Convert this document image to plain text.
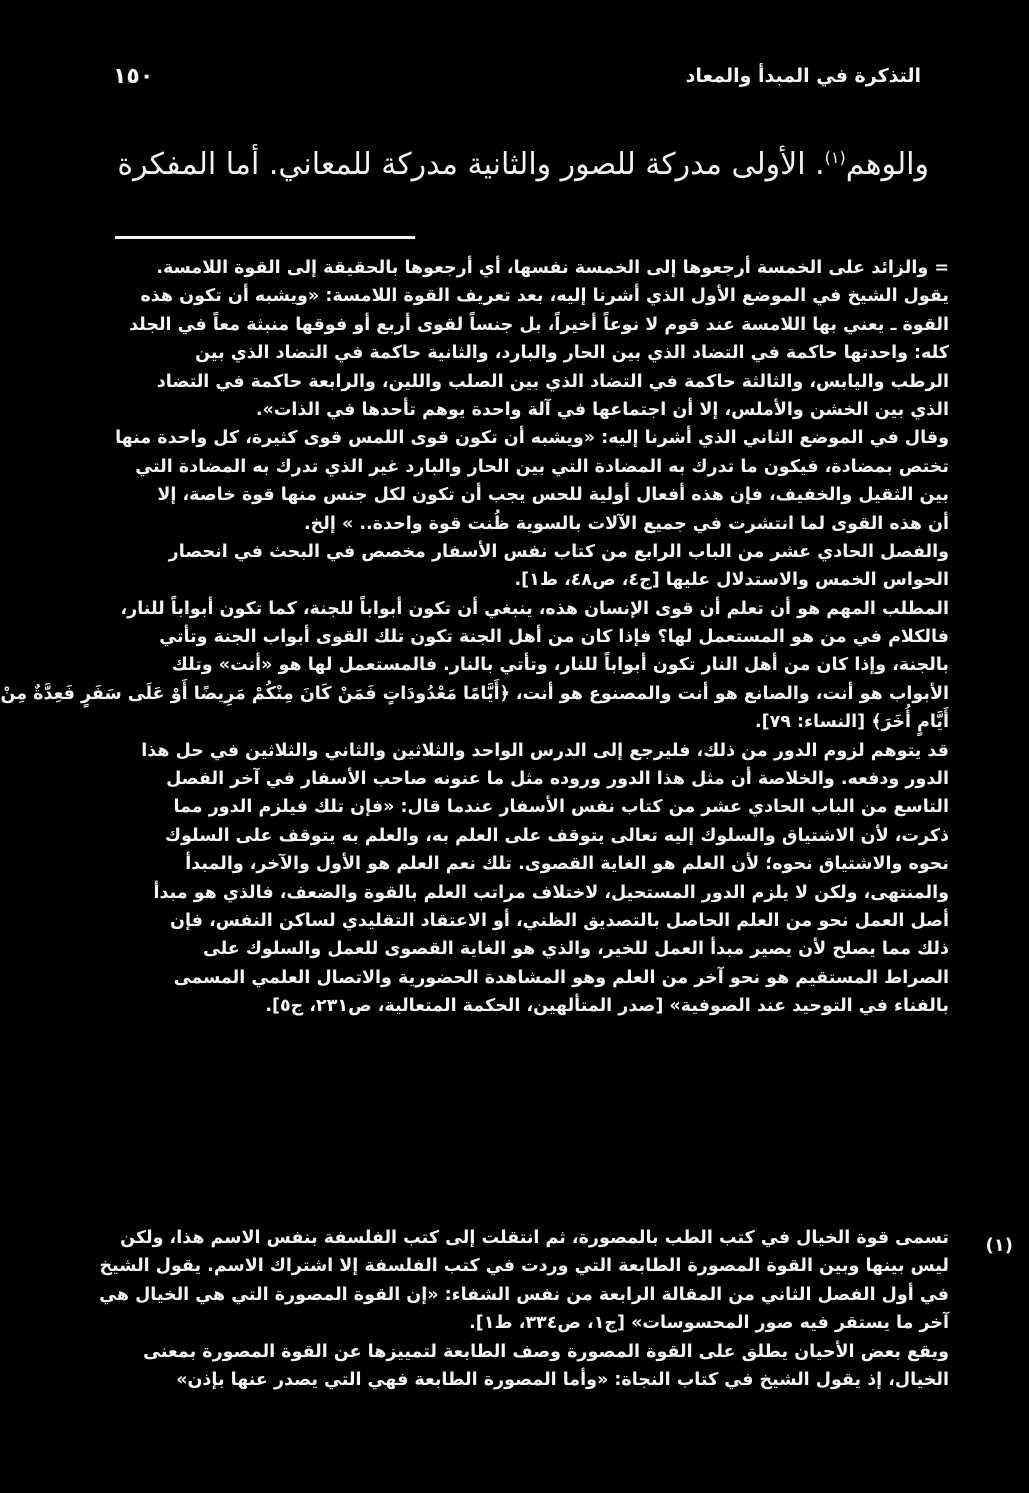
التذكرة في المبدأ والمعاد
١٥٠
والوهم$^{(١)}$. الأولى مدركة للصور والثانية مدركة للمعاني. أما المفكرة

= والزائد على الخمسة أرجعوها إلى الخمسة نفسها، أي أرجعوها بالحقيقة إلى القوة اللامسة.

يقول الشيخ في الموضع الأول الذي أشرنا إليه، بعد تعريف القوة اللامسة: «ويشبه أن تكون هذه

القوة ـ يعني بها اللامسة عند قوم لا نوعاً أخيراً، بل جنساً لقوى أربع أو فوقها منبثة معاً في الجلد

كله: واحدتها حاكمة في التضاد الذي بين الحار والبارد، والثانية حاكمة في التضاد الذي بين

الرطب واليابس، والثالثة حاكمة في التضاد الذي بين الصلب واللين، والرابعة حاكمة في التضاد

الذي بين الخشن والأملس، إلا أن اجتماعها في آلة واحدة يوهم تأحدها في الذات».

وقال في الموضع الثاني الذي أشرنا إليه: «ويشبه أن تكون قوى اللمس قوى كثيرة، كل واحدة منها

تختص بمضادة، فيكون ما تدرك به المضادة التي بين الحار والبارد غير الذي تدرك به المضادة التي

بين الثقيل والخفيف، فإن هذه أفعال أولية للحس يجب أن تكون لكل جنس منها قوة خاصة، إلا

أن هذه القوى لما انتشرت في جميع الآلات بالسوية ظُنت قوة واحدة.. » إلخ.

والفصل الحادي عشر من الباب الرابع من كتاب نفس الأسفار مخصص في البحث في انحصار

الحواس الخمس والاستدلال عليها [ج٤، ص٤٨، ط١].

المطلب المهم هو أن تعلم أن قوى الإنسان هذه، ينبغي أن تكون أبواباً للجنة، كما تكون أبواباً للنار،

فالكلام في من هو المستعمل لها؟ فإذا كان من أهل الجنة تكون تلك القوى أبواب الجنة وتأتي

بالجنة، وإذا كان من أهل النار تكون أبواباً للنار، وتأتي بالنار. فالمستعمل لها هو «أنت» وتلك

الأبواب هو أنت، والصانع هو أنت والمصنوع هو أنت، ﴿أَيَّامًا مَعْدُودَاتٍ فَمَنْ كَانَ مِنْكُمْ مَرِيضًا أَوْ عَلَى سَفَرٍ فَعِدَّةٌ مِنْ

أَيَّامٍ أُخَرَ﴾ [النساء: ٧٩].

قد يتوهم لزوم الدور من ذلك، فليرجع إلى الدرس الواحد والثلاثين والثاني والثلاثين في حل هذا

الدور ودفعه. والخلاصة أن مثل هذا الدور وروده مثل ما عنونه صاحب الأسفار في آخر الفصل

التاسع من الباب الحادي عشر من كتاب نفس الأسفار عندما قال: «فإن تلك فيلزم الدور مما

ذكرت، لأن الاشتياق والسلوك إليه تعالى يتوقف على العلم به، والعلم به يتوقف على السلوك

نحوه والاشتياق نحوه؛ لأن العلم هو الغاية القصوى. تلك نعم العلم هو الأول والآخر، والمبدأ

والمنتهى، ولكن لا يلزم الدور المستحيل، لاختلاف مراتب العلم بالقوة والضعف، فالذي هو مبدأ

أصل العمل نحو من العلم الحاصل بالتصديق الظني، أو الاعتقاد التقليدي لساكن النفس، فإن

ذلك مما يصلح لأن يصير مبدأ العمل للخير، والذي هو الغاية القصوى للعمل والسلوك على

الصراط المستقيم هو نحو آخر من العلم وهو المشاهدة الحضورية والاتصال العلمي المسمى

بالفناء في التوحيد عند الصوفية» [صدر المتألهين، الحكمة المتعالية، ص٢٣١، ج٥].

(١)

تسمى قوة الخيال في كتب الطب بالمصورة، ثم انتقلت إلى كتب الفلسفة بنفس الاسم هذا، ولكن

ليس بينها وبين القوة المصورة الطابعة التي وردت في كتب الفلسفة إلا اشتراك الاسم. يقول الشيخ

في أول الفصل الثاني من المقالة الرابعة من نفس الشفاء: «إن القوة المصورة التي هي الخيال هي

آخر ما يستقر فيه صور المحسوسات» [ج١، ص٣٣٤، ط١].

ويقع بعض الأحيان يطلق على القوة المصورة وصف الطابعة لتمييزها عن القوة المصورة بمعنى

الخيال، إذ يقول الشيخ في كتاب النجاة: «وأما المصورة الطابعة فهي التي يصدر عنها بإذن»
